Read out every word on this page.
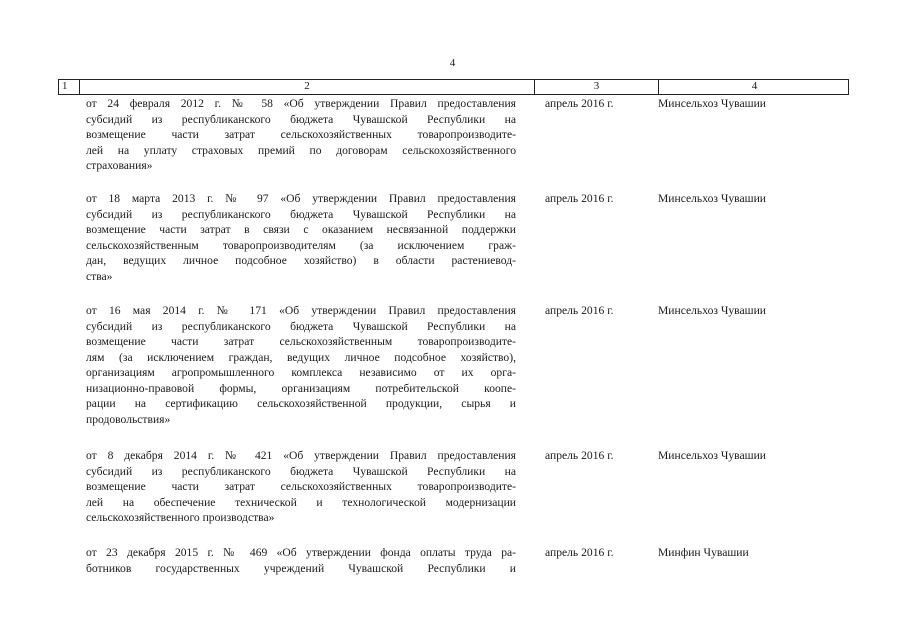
4
1	2	3	4
от 24 февраля 2012 г. № 58 «Об утверждении Правил предоставления
субсидий из республиканского бюджета Чувашской Республики на
возмещение части затрат сельскохозяйственных товаропроизводите-
лей на уплату страховых премий по договорам сельскохозяйственного
страхования»
апрель 2016 г.	Минсельхоз Чувашии
от 18 марта 2013 г. № 97 «Об утверждении Правил предоставления
субсидий из республиканского бюджета Чувашской Республики на
возмещение части затрат в связи с оказанием несвязанной поддержки
сельскохозяйственным товаропроизводителям (за исключением граж-
дан, ведущих личное подсобное хозяйство) в области растениевод-
ства»
апрель 2016 г.	Минсельхоз Чувашии
от 16 мая 2014 г. № 171 «Об утверждении Правил предоставления
субсидий из республиканского бюджета Чувашской Республики на
возмещение части затрат сельскохозяйственным товаропроизводите-
лям (за исключением граждан, ведущих личное подсобное хозяйство),
организациям агропромышленного комплекса независимо от их орга-
низационно-правовой формы, организациям потребительской коопе-
рации на сертификацию сельскохозяйственной продукции, сырья и
продовольствия»
апрель 2016 г.	Минсельхоз Чувашии
от 8 декабря 2014 г. № 421 «Об утверждении Правил предоставления
субсидий из республиканского бюджета Чувашской Республики на
возмещение части затрат сельскохозяйственных товаропроизводите-
лей на обеспечение технической и технологической модернизации
сельскохозяйственного производства»
апрель 2016 г.	Минсельхоз Чувашии
от 23 декабря 2015 г. № 469 «Об утверждении фонда оплаты труда ра-
ботников государственных учреждений Чувашской Республики и
апрель 2016 г.	Минфин Чувашии
